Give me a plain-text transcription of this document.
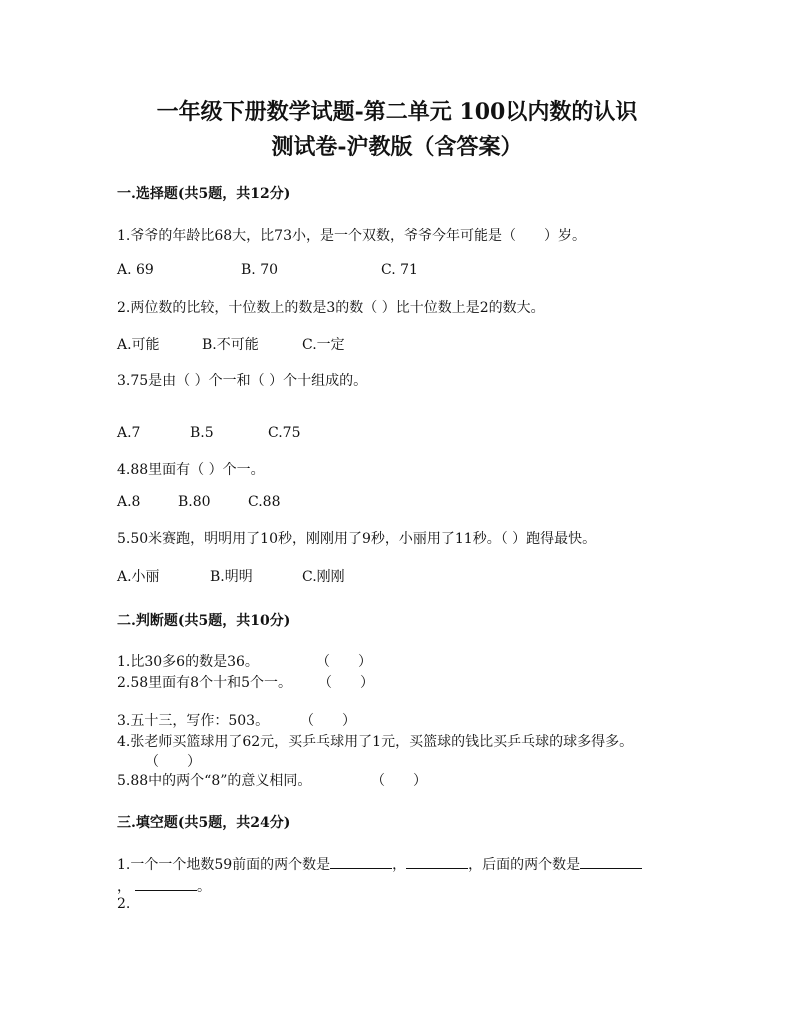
一年级下册数学试题-第二单元 100以内数的认识
测试卷-沪教版（含答案）
一.选择题(共5题，共12分)
1.爷爷的年龄比68大，比73小，是一个双数，爷爷今年可能是（　　）岁。
A. 69	B. 70	C. 71
2.两位数的比较，十位数上的数是3的数（ ）比十位数上是2的数大。
A.可能	B.不可能	C.一定
3.75是由（ ）个一和（ ）个十组成的。
A.7	B.5	C.75
4.88里面有（ ）个一。
A.8	B.80	C.88
5.50米赛跑，明明用了10秒，刚刚用了9秒，小丽用了11秒。（ ）跑得最快。
A.小丽	B.明明	C.刚刚
二.判断题(共5题，共10分)
1.比30多6的数是36。	（　　）
2.58里面有8个十和5个一。 （　　）
3.五十三，写作：503。 （　　）
4.张老师买篮球用了62元，买乒乓球用了1元，买篮球的钱比买乒乓球的球多得多。
（　　）
5.88中的两个“8”的意义相同。	（　　）
三.填空题(共5题，共24分)
1.一个一个地数59前面的两个数是	，	，后面的两个数是
，	。
2.
